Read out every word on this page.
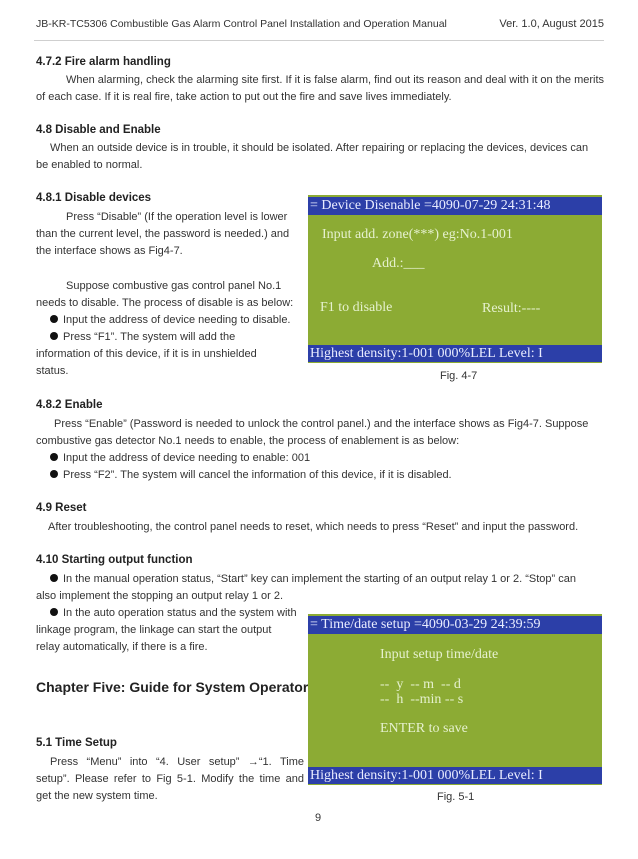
JB-KR-TC5306 Combustible Gas Alarm Control Panel Installation and Operation Manual	Ver. 1.0, August 2015
4.7.2 Fire alarm handling
When alarming, check the alarming site first. If it is false alarm, find out its reason and deal with it on the merits
of each case. If it is real fire, take action to put out the fire and save lives immediately.
4.8 Disable and Enable
When an outside device is in trouble, it should be isolated. After repairing or replacing the devices, devices can
be enabled to normal.
4.8.1 Disable devices
Press “Disable” (If the operation level is lower
than the current level, the password is needed.) and
the interface shows as Fig4-7.
Suppose combustive gas control panel No.1
needs to disable. The process of disable is as below:
Input the address of device needing to disable.
Press “F1”. The system will add the
information of this device, if it is in unshielded
status.
= Device Disenable =4090-07-29 24:31:48
Input add. zone(***) eg:No.1-001
Add.:___
F1 to disable	Result:----
Highest density:1-001 000%LEL Level: I
Fig. 4-7
4.8.2 Enable
Press “Enable” (Password is needed to unlock the control panel.) and the interface shows as Fig4-7. Suppose
combustive gas detector No.1 needs to enable, the process of enablement is as below:
Input the address of device needing to enable: 001
Press “F2”. The system will cancel the information of this device, if it is disabled.
4.9 Reset
After troubleshooting, the control panel needs to reset, which needs to press “Reset” and input the password.
4.10 Starting output function
In the manual operation status, “Start” key can implement the starting of an output relay 1 or 2. “Stop” can
also implement the stopping an output relay 1 or 2.
In the auto operation status and the system with
linkage program, the linkage can start the output
relay automatically, if there is a fire.
Chapter Five: Guide for System Operator
5.1 Time Setup
Press “Menu” into “4. User setup” →“1. Time
setup”. Please refer to Fig 5-1. Modify the time and
get the new system time.
= Time/date setup =4090-03-29 24:39:59
Input setup time/date
--  y  -- m  -- d
--  h  --min -- s
ENTER to save
Highest density:1-001 000%LEL Level: I
Fig. 5-1
9
